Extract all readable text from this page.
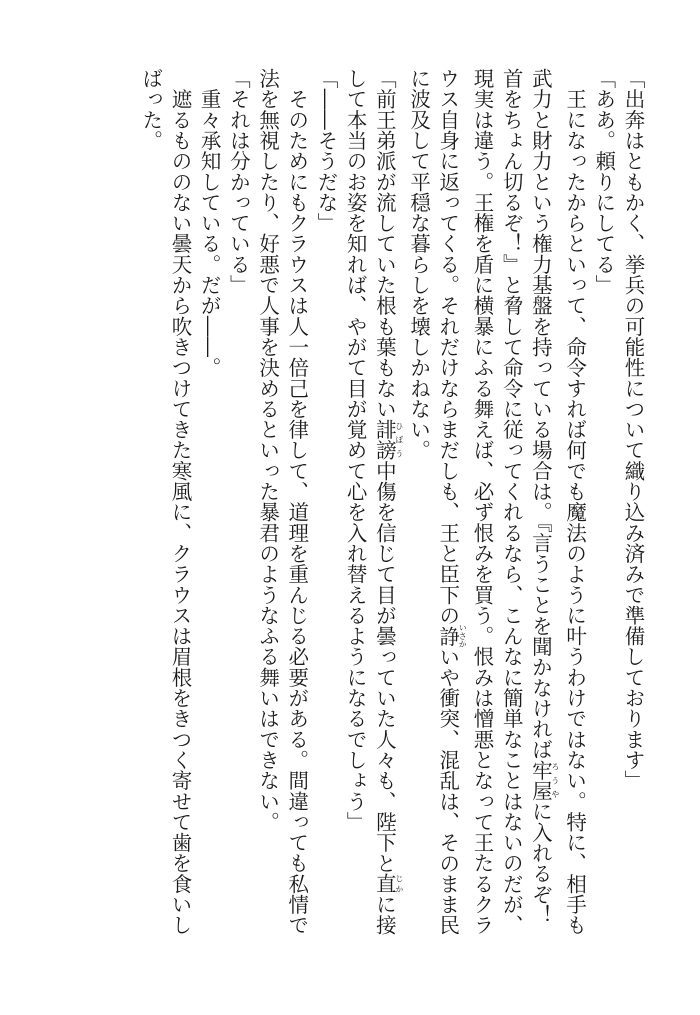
「出奔はともかく、挙兵の可能性について織り込み済みで準備しております」
「ああ。頼りにしてる」
　王になったからといって、命令すれば何でも魔法のように叶うわけではない。特に、相手も
武力と財力という権力基盤を持っている場合は。『言うことを聞かなければ牢屋ろうやに入れるぞ！
首をちょん切るぞ！』と脅して命令に従ってくれるなら、こんなに簡単なことはないのだが、
現実は違う。王権を盾に横暴にふる舞えば、必ず恨みを買う。恨みは憎悪となって王たるクラ
ウス自身に返ってくる。それだけならまだしも、王と臣下の諍いさかいや衝突、混乱は、そのまま民
に波及して平穏な暮らしを壊しかねない。
「前王弟派が流していた根も葉もない誹謗ひぼう中傷を信じて目が曇っていた人々も、陛下と直じかに接
して本当のお姿を知れば、やがて目が覚めて心を入れ替えるようになるでしょう」
「――そうだな」
　そのためにもクラウスは人一倍己を律して、道理を重んじる必要がある。間違っても私情で
法を無視したり、好悪で人事を決めるといった暴君のようなふる舞いはできない。
「それは分かっている」
　重々承知している。だが――。
　遮るもののない曇天から吹きつけてきた寒風に、クラウスは眉根をきつく寄せて歯を食いし
ばった。
